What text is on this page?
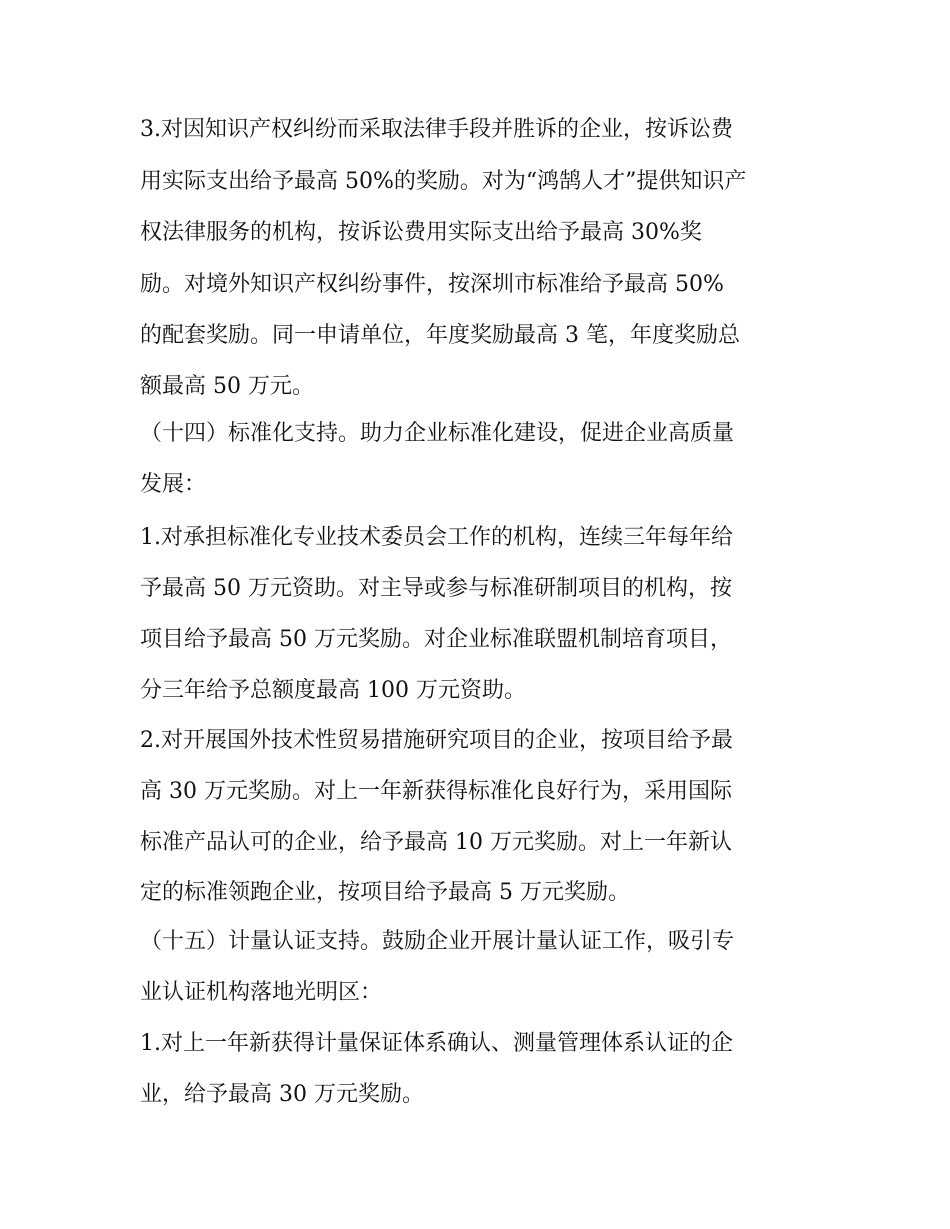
3.对因知识产权纠纷而采取法律手段并胜诉的企业，按诉讼费
用实际支出给予最高 50%的奖励。对为“鸿鹄人才”提供知识产
权法律服务的机构，按诉讼费用实际支出给予最高 30%奖
励。对境外知识产权纠纷事件，按深圳市标准给予最高 50%
的配套奖励。同一申请单位，年度奖励最高 3 笔，年度奖励总
额最高 50 万元。
（十四）标准化支持。助力企业标准化建设，促进企业高质量
发展：
1.对承担标准化专业技术委员会工作的机构，连续三年每年给
予最高 50 万元资助。对主导或参与标准研制项目的机构，按
项目给予最高 50 万元奖励。对企业标准联盟机制培育项目，
分三年给予总额度最高 100 万元资助。
2.对开展国外技术性贸易措施研究项目的企业，按项目给予最
高 30 万元奖励。对上一年新获得标准化良好行为，采用国际
标准产品认可的企业，给予最高 10 万元奖励。对上一年新认
定的标准领跑企业，按项目给予最高 5 万元奖励。
（十五）计量认证支持。鼓励企业开展计量认证工作，吸引专
业认证机构落地光明区：
1.对上一年新获得计量保证体系确认、测量管理体系认证的企
业，给予最高 30 万元奖励。
